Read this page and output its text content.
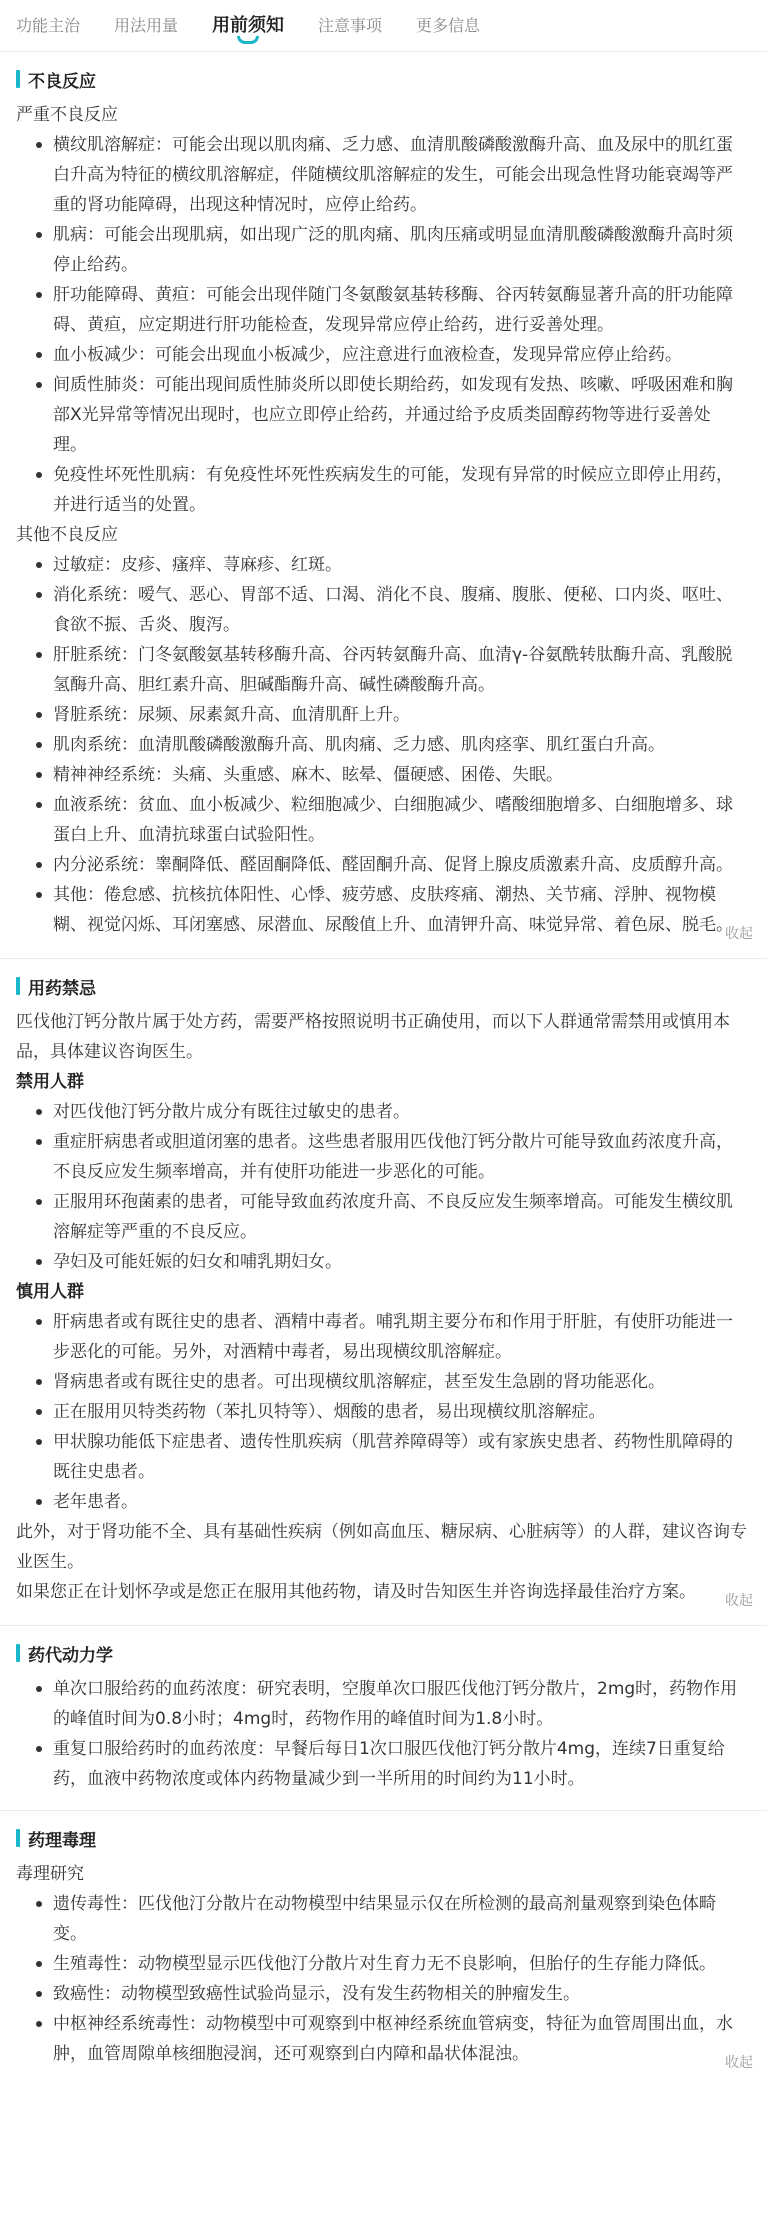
功能主治 用法用量 用前须知 注意事项 更多信息
不良反应
严重不良反应
横纹肌溶解症：可能会出现以肌肉痛、乏力感、血清肌酸磷酸激酶升高、血及尿中的肌红蛋白升高为特征的横纹肌溶解症，伴随横纹肌溶解症的发生，可能会出现急性肾功能衰竭等严重的肾功能障碍，出现这种情况时，应停止给药。
肌病：可能会出现肌病，如出现广泛的肌肉痛、肌肉压痛或明显血清肌酸磷酸激酶升高时须停止给药。
肝功能障碍、黄疸：可能会出现伴随门冬氨酸氨基转移酶、谷丙转氨酶显著升高的肝功能障碍、黄疸，应定期进行肝功能检查，发现异常应停止给药，进行妥善处理。
血小板减少：可能会出现血小板减少，应注意进行血液检查，发现异常应停止给药。
间质性肺炎：可能出现间质性肺炎所以即使长期给药，如发现有发热、咳嗽、呼吸困难和胸部X光异常等情况出现时，也应立即停止给药，并通过给予皮质类固醇药物等进行妥善处理。
免疫性坏死性肌病：有免疫性坏死性疾病发生的可能，发现有异常的时候应立即停止用药，并进行适当的处置。
其他不良反应
过敏症：皮疹、瘙痒、荨麻疹、红斑。
消化系统：嗳气、恶心、胃部不适、口渴、消化不良、腹痛、腹胀、便秘、口内炎、呕吐、食欲不振、舌炎、腹泻。
肝脏系统：门冬氨酸氨基转移酶升高、谷丙转氨酶升高、血清γ-谷氨酰转肽酶升高、乳酸脱氢酶升高、胆红素升高、胆碱酯酶升高、碱性磷酸酶升高。
肾脏系统：尿频、尿素氮升高、血清肌酐上升。
肌肉系统：血清肌酸磷酸激酶升高、肌肉痛、乏力感、肌肉痉挛、肌红蛋白升高。
精神神经系统：头痛、头重感、麻木、眩晕、僵硬感、困倦、失眠。
血液系统：贫血、血小板减少、粒细胞减少、白细胞减少、嗜酸细胞增多、白细胞增多、球蛋白上升、血清抗球蛋白试验阳性。
内分泌系统：睾酮降低、醛固酮降低、醛固酮升高、促肾上腺皮质激素升高、皮质醇升高。
其他：倦怠感、抗核抗体阳性、心悸、疲劳感、皮肤疼痛、潮热、关节痛、浮肿、视物模糊、视觉闪烁、耳闭塞感、尿潜血、尿酸值上升、血清钾升高、味觉异常、着色尿、脱毛。
收起
用药禁忌
匹伐他汀钙分散片属于处方药，需要严格按照说明书正确使用，而以下人群通常需禁用或慎用本品，具体建议咨询医生。
禁用人群
对匹伐他汀钙分散片成分有既往过敏史的患者。
重症肝病患者或胆道闭塞的患者。这些患者服用匹伐他汀钙分散片可能导致血药浓度升高，不良反应发生频率增高，并有使肝功能进一步恶化的可能。
正服用环孢菌素的患者，可能导致血药浓度升高、不良反应发生频率增高。可能发生横纹肌溶解症等严重的不良反应。
孕妇及可能妊娠的妇女和哺乳期妇女。
慎用人群
肝病患者或有既往史的患者、酒精中毒者。哺乳期主要分布和作用于肝脏，有使肝功能进一步恶化的可能。另外，对酒精中毒者，易出现横纹肌溶解症。
肾病患者或有既往史的患者。可出现横纹肌溶解症，甚至发生急剧的肾功能恶化。
正在服用贝特类药物（苯扎贝特等）、烟酸的患者，易出现横纹肌溶解症。
甲状腺功能低下症患者、遗传性肌疾病（肌营养障碍等）或有家族史患者、药物性肌障碍的既往史患者。
老年患者。
此外，对于肾功能不全、具有基础性疾病（例如高血压、糖尿病、心脏病等）的人群，建议咨询专业医生。
如果您正在计划怀孕或是您正在服用其他药物，请及时告知医生并咨询选择最佳治疗方案。	收起
药代动力学
单次口服给药的血药浓度：研究表明，空腹单次口服匹伐他汀钙分散片，2mg时，药物作用的峰值时间为0.8小时；4mg时，药物作用的峰值时间为1.8小时。
重复口服给药时的血药浓度：早餐后每日1次口服匹伐他汀钙分散片4mg，连续7日重复给药，血液中药物浓度或体内药物量减少到一半所用的时间约为11小时。
药理毒理
毒理研究
遗传毒性：匹伐他汀分散片在动物模型中结果显示仅在所检测的最高剂量观察到染色体畸变。
生殖毒性：动物模型显示匹伐他汀分散片对生育力无不良影响，但胎仔的生存能力降低。
致癌性：动物模型致癌性试验尚显示，没有发生药物相关的肿瘤发生。
中枢神经系统毒性：动物模型中可观察到中枢神经系统血管病变，特征为血管周围出血，水肿，血管周隙单核细胞浸润，还可观察到白内障和晶状体混浊。	收起
